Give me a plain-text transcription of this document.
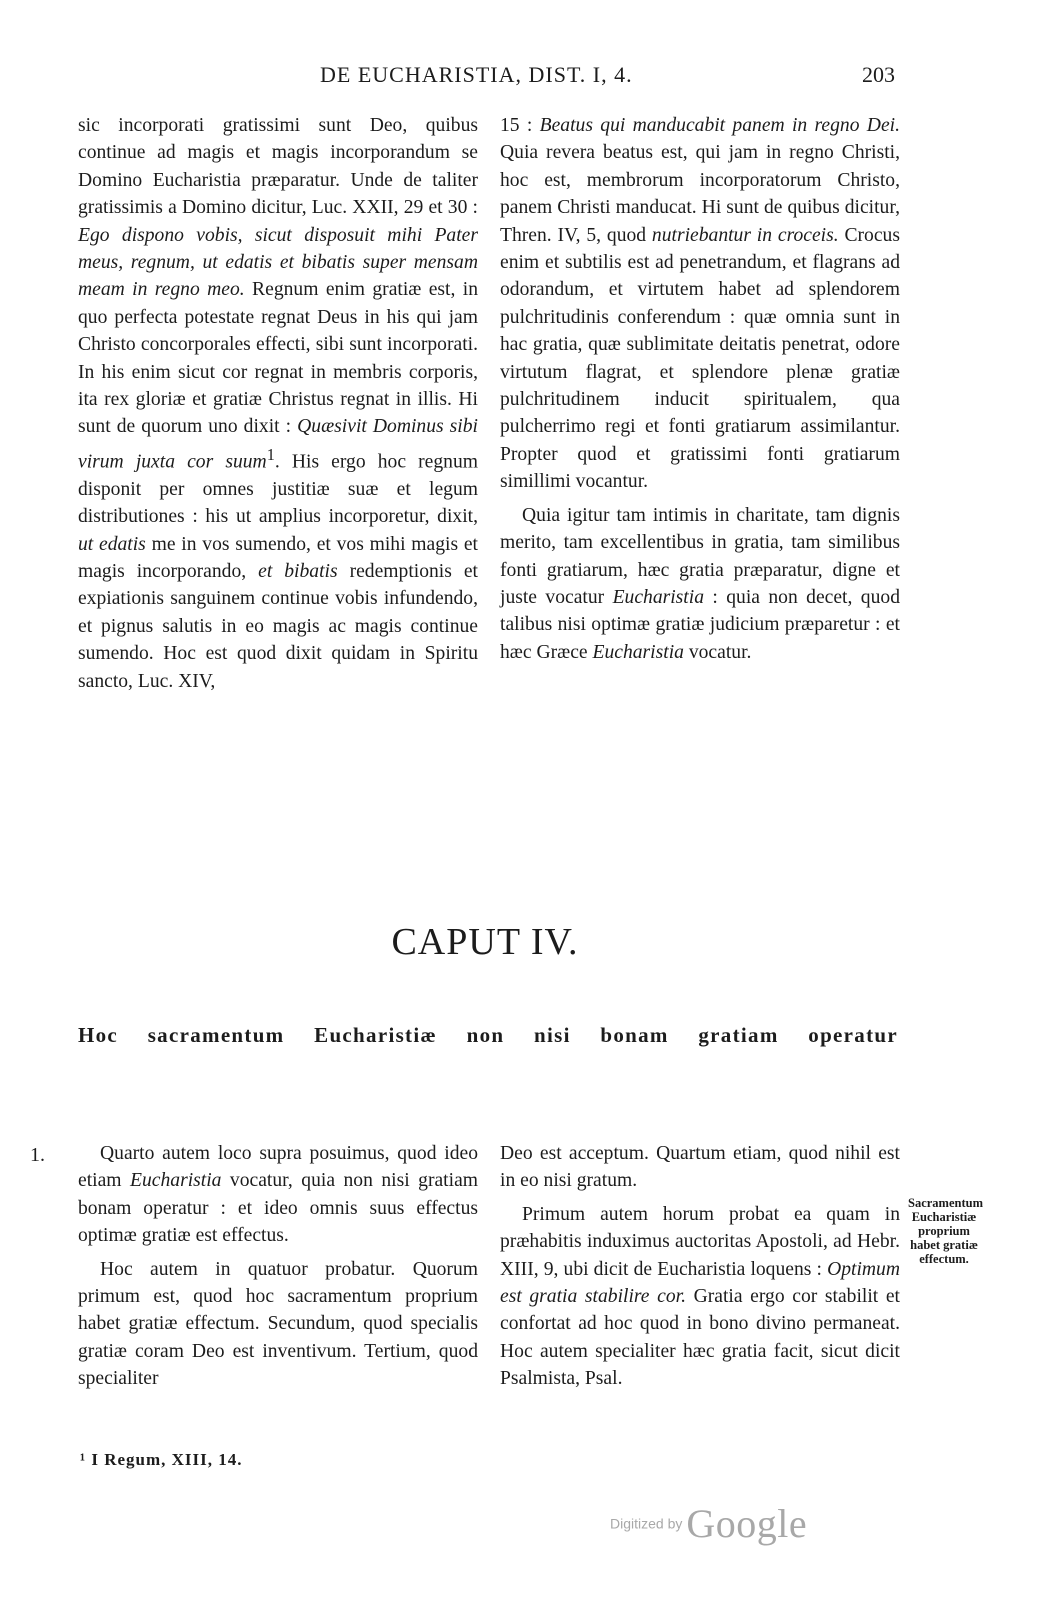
DE EUCHARISTIA, DIST. I, 4.	203

sic incorporati gratissimi sunt Deo, quibus continue ad magis et magis incorporandum se Domino Eucharistia præparatur. Unde de taliter gratissimis a Domino dicitur, Luc. XXII, 29 et 30 : Ego dispono vobis, sicut disposuit mihi Pater meus, regnum, ut edatis et bibatis super mensam meam in regno meo. Regnum enim gratiæ est, in quo perfecta potestate regnat Deus in his qui jam Christo concorporales effecti, sibi sunt incorporati. In his enim sicut cor regnat in membris corporis, ita rex gloriæ et gratiæ Christus regnat in illis. Hi sunt de quorum uno dixit : Quæsivit Dominus sibi virum juxta cor suum$^1$. His ergo hoc regnum disponit per omnes justitiæ suæ et legum distributiones : his ut amplius incorporetur, dixit, ut edatis me in vos sumendo, et vos mihi magis et magis incorporando, et bibatis redemptionis et expiationis sanguinem continue vobis infundendo, et pignus salutis in eo magis ac magis continue sumendo. Hoc est quod dixit quidam in Spiritu sancto, Luc. XIV,

15 : Beatus qui manducabit panem in regno Dei. Quia revera beatus est, qui jam in regno Christi, hoc est, membrorum incorporatorum Christo, panem Christi manducat. Hi sunt de quibus dicitur, Thren. IV, 5, quod nutriebantur in croceis. Crocus enim et subtilis est ad penetrandum, et flagrans ad odorandum, et virtutem habet ad splendorem pulchritudinis conferendum : quæ omnia sunt in hac gratia, quæ sublimitate deitatis penetrat, odore virtutum flagrat, et splendore plenæ gratiæ pulchritudinem inducit spiritualem, qua pulcherrimo regi et fonti gratiarum assimilantur. Propter quod et gratissimi fonti gratiarum simillimi vocantur.

Quia igitur tam intimis in charitate, tam dignis merito, tam excellentibus in gratia, tam similibus fonti gratiarum, hæc gratia præparatur, digne et juste vocatur Eucharistia : quia non decet, quod talibus nisi optimæ gratiæ judicium præparetur : et hæc Græce Eucharistia vocatur.

CAPUT IV.
Hoc sacramentum Eucharistiæ non nisi bonam gratiam operatur
1.	Quarto autem loco supra posuimus, quod ideo etiam Eucharistia vocatur, quia non nisi gratiam bonam operatur : et ideo omnis suus effectus optimæ gratiæ est effectus.

Hoc autem in quatuor probatur. Quorum primum est, quod hoc sacramentum proprium habet gratiæ effectum. Secundum, quod specialis gratiæ coram Deo est inventivum. Tertium, quod specialiter

Deo est acceptum. Quartum etiam, quod nihil est in eo nisi gratum.

Primum autem horum probat ea quam in præhabitis induximus auctoritas Apostoli, ad Hebr. XIII, 9, ubi dicit de Eucharistia loquens : Optimum est gratia stabilire cor. Gratia ergo cor stabilit et confortat ad hoc quod in bono divino permaneat. Hoc autem specialiter hæc gratia facit, sicut dicit Psalmista, Psal.

Sacramentum Eucharistiæ proprium habet gratiæ effectum.
¹ I Regum, XIII, 14.
Digitized by Google
